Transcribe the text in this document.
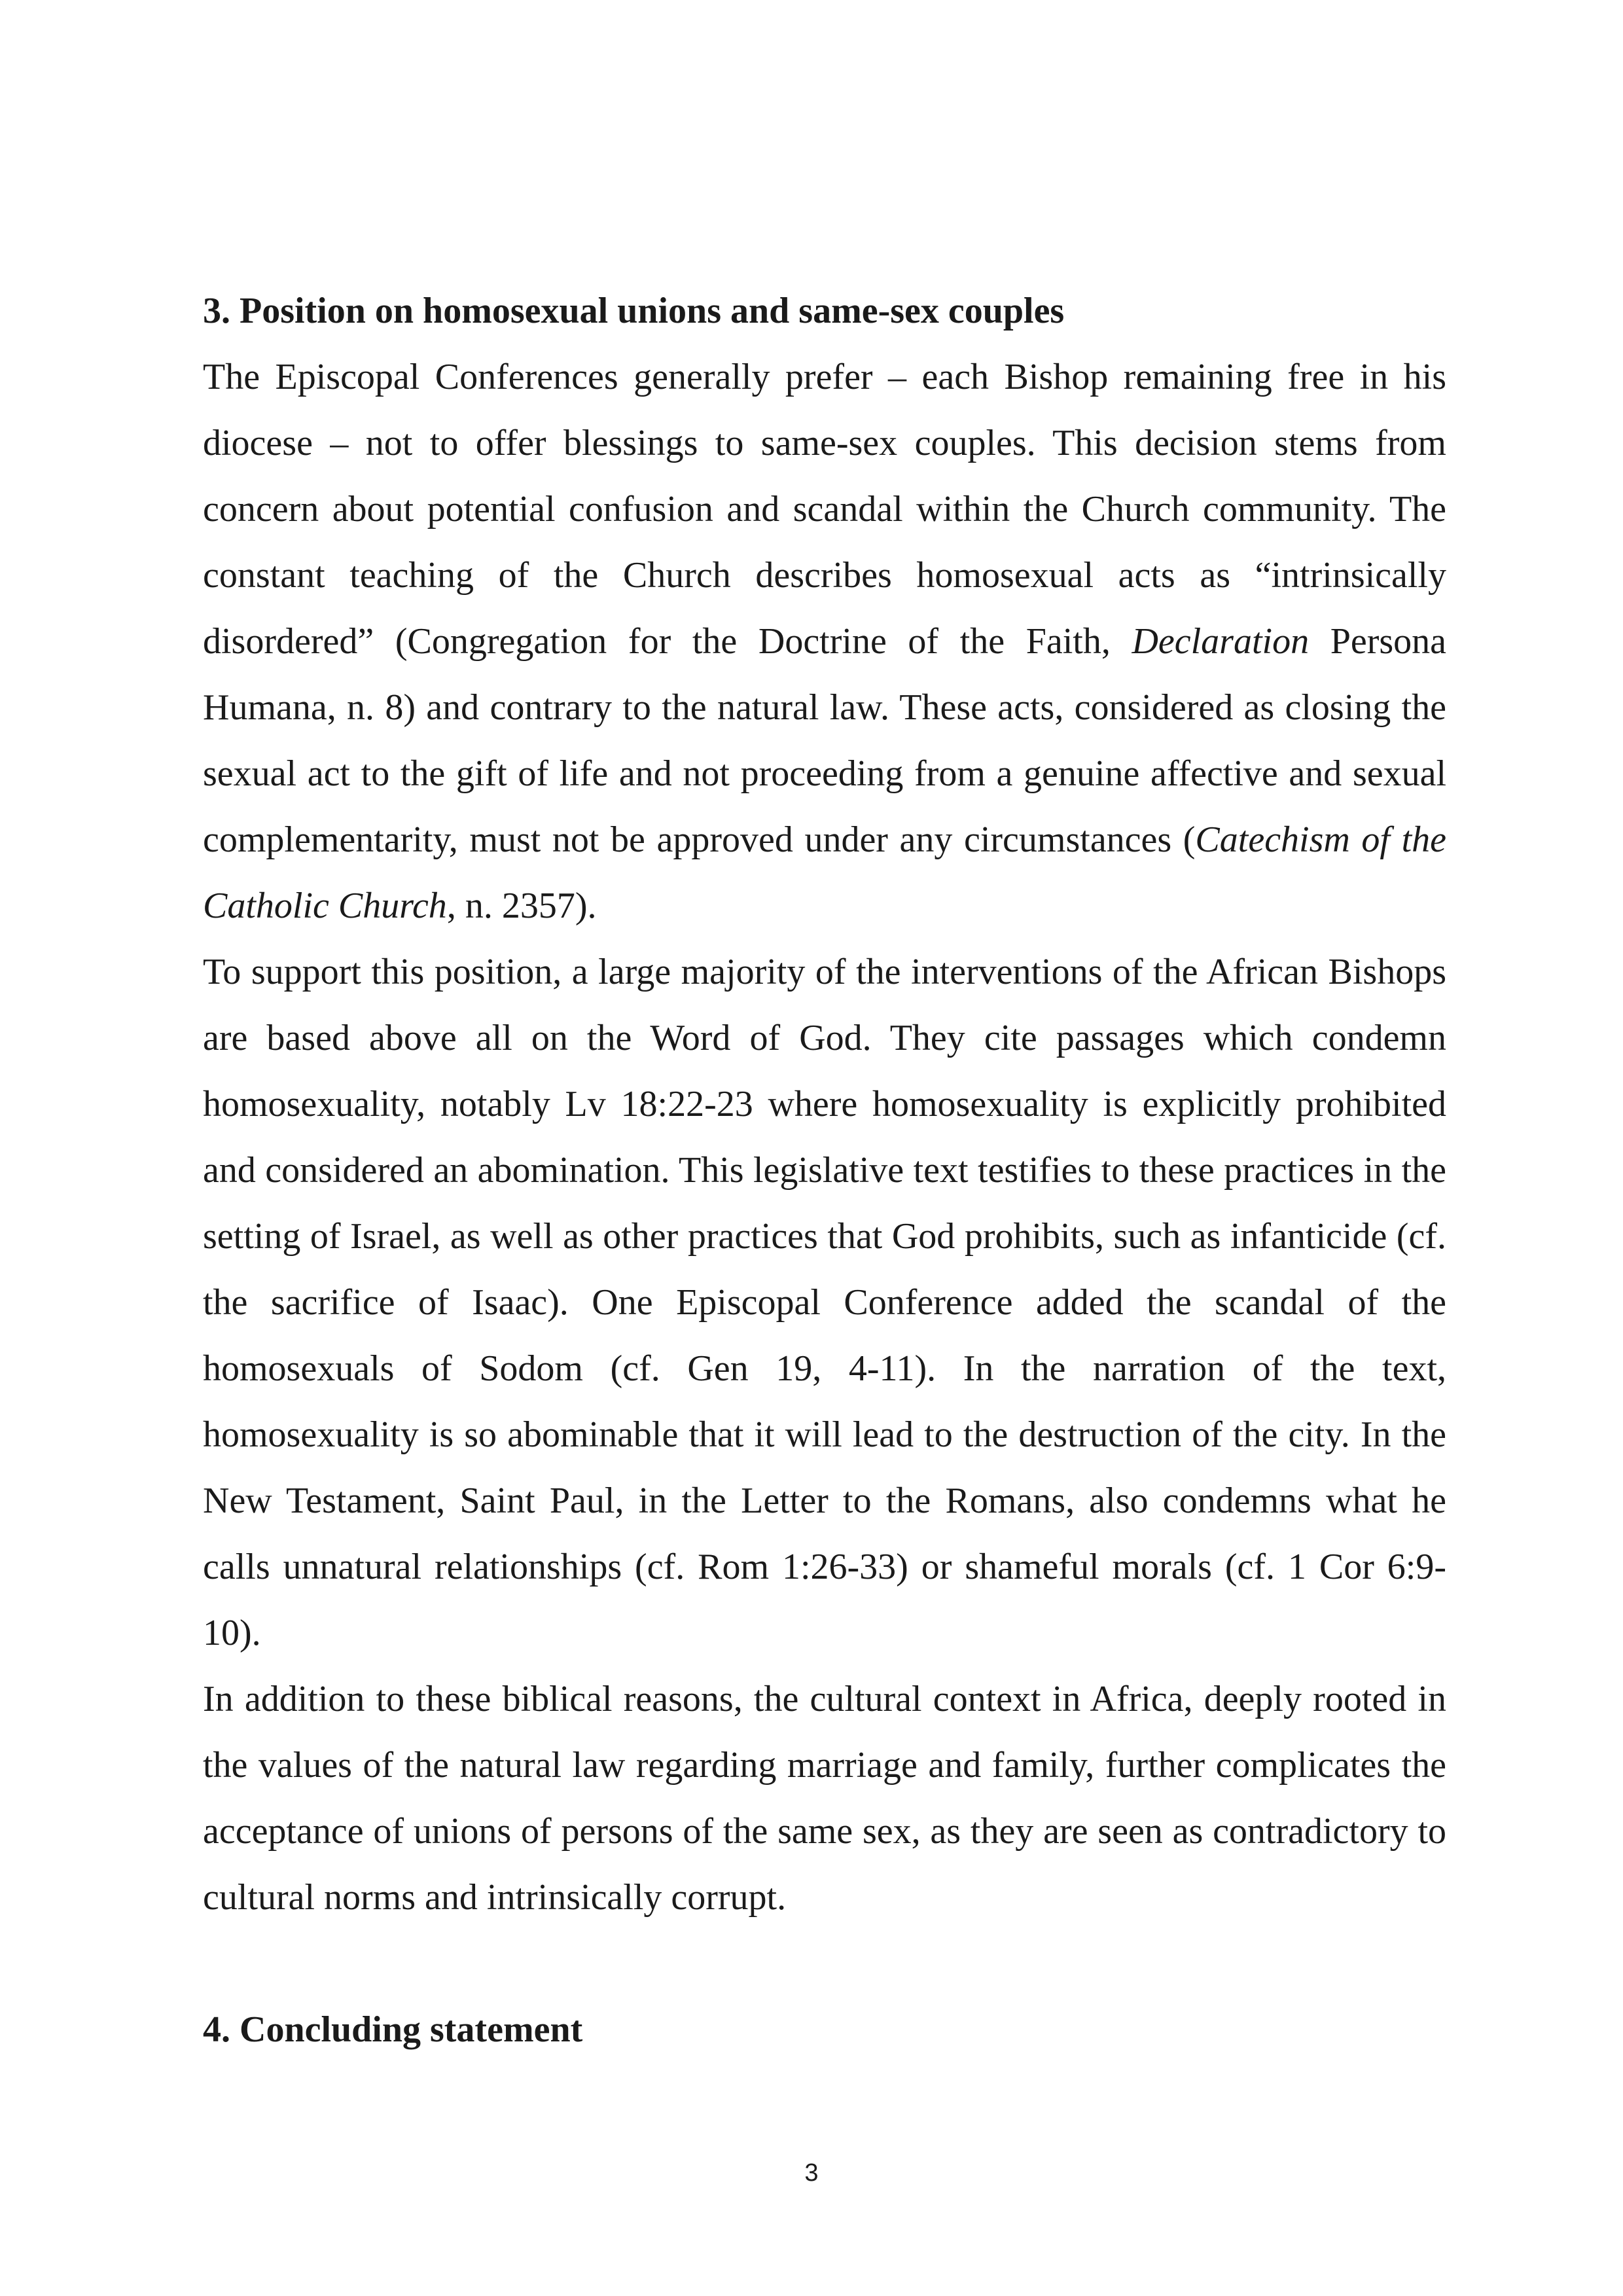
3. Position on homosexual unions and same-sex couples

The Episcopal Conferences generally prefer – each Bishop remaining free in his diocese – not to offer blessings to same-sex couples. This decision stems from concern about potential confusion and scandal within the Church community. The constant teaching of the Church describes homosexual acts as “intrinsically disordered” (Congregation for the Doctrine of the Faith, Declaration Persona Humana, n. 8) and contrary to the natural law. These acts, considered as closing the sexual act to the gift of life and not proceeding from a genuine affective and sexual complementarity, must not be approved under any circumstances (Catechism of the Catholic Church, n. 2357).

To support this position, a large majority of the interventions of the African Bishops are based above all on the Word of God. They cite passages which condemn homosexuality, notably Lv 18:22-23 where homosexuality is explicitly prohibited and considered an abomination. This legislative text testifies to these practices in the setting of Israel, as well as other practices that God prohibits, such as infanticide (cf. the sacrifice of Isaac). One Episcopal Conference added the scandal of the homosexuals of Sodom (cf. Gen 19, 4-11). In the narration of the text, homosexuality is so abominable that it will lead to the destruction of the city. In the New Testament, Saint Paul, in the Letter to the Romans, also condemns what he calls unnatural relationships (cf. Rom 1:26-33) or shameful morals (cf. 1 Cor 6:9-10).

In addition to these biblical reasons, the cultural context in Africa, deeply rooted in the values of the natural law regarding marriage and family, further complicates the acceptance of unions of persons of the same sex, as they are seen as contradictory to cultural norms and intrinsically corrupt.

4. Concluding statement
3
